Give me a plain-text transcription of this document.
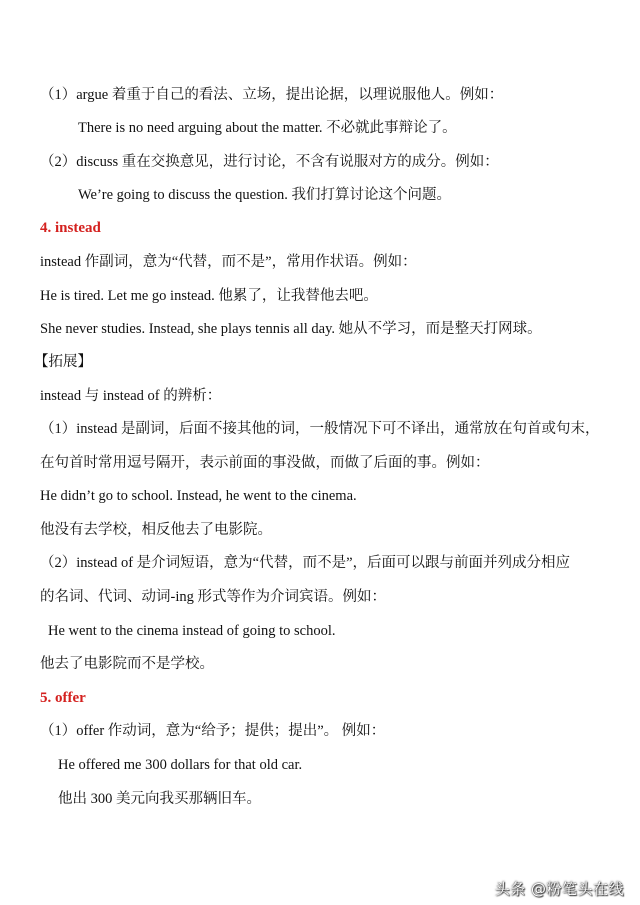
（1）argue 着重于自己的看法、立场，提出论据，以理说服他人。例如：
There is no need arguing about the matter. 不必就此事辩论了。
（2）discuss 重在交换意见，进行讨论，不含有说服对方的成分。例如：
We’re going to discuss the question. 我们打算讨论这个问题。
4. instead
instead 作副词，意为“代替，而不是”，常用作状语。例如：
He is tired. Let me go instead. 他累了，让我替他去吧。
She never studies. Instead, she plays tennis all day. 她从不学习，而是整天打网球。
【拓展】
instead 与 instead of 的辨析：
（1）instead 是副词，后面不接其他的词，一般情况下可不译出，通常放在句首或句末，
在句首时常用逗号隔开，表示前面的事没做，而做了后面的事。例如：
He didn’t go to school. Instead, he went to the cinema.
他没有去学校，相反他去了电影院。
（2）instead of 是介词短语，意为“代替，而不是”，后面可以跟与前面并列成分相应
的名词、代词、动词-ing 形式等作为介词宾语。例如：
He went to the cinema instead of going to school.
他去了电影院而不是学校。
5. offer
（1）offer 作动词，意为“给予；提供；提出”。 例如：
He offered me 300 dollars for that old car.
他出 300 美元向我买那辆旧车。
头条 @粉笔头在线
